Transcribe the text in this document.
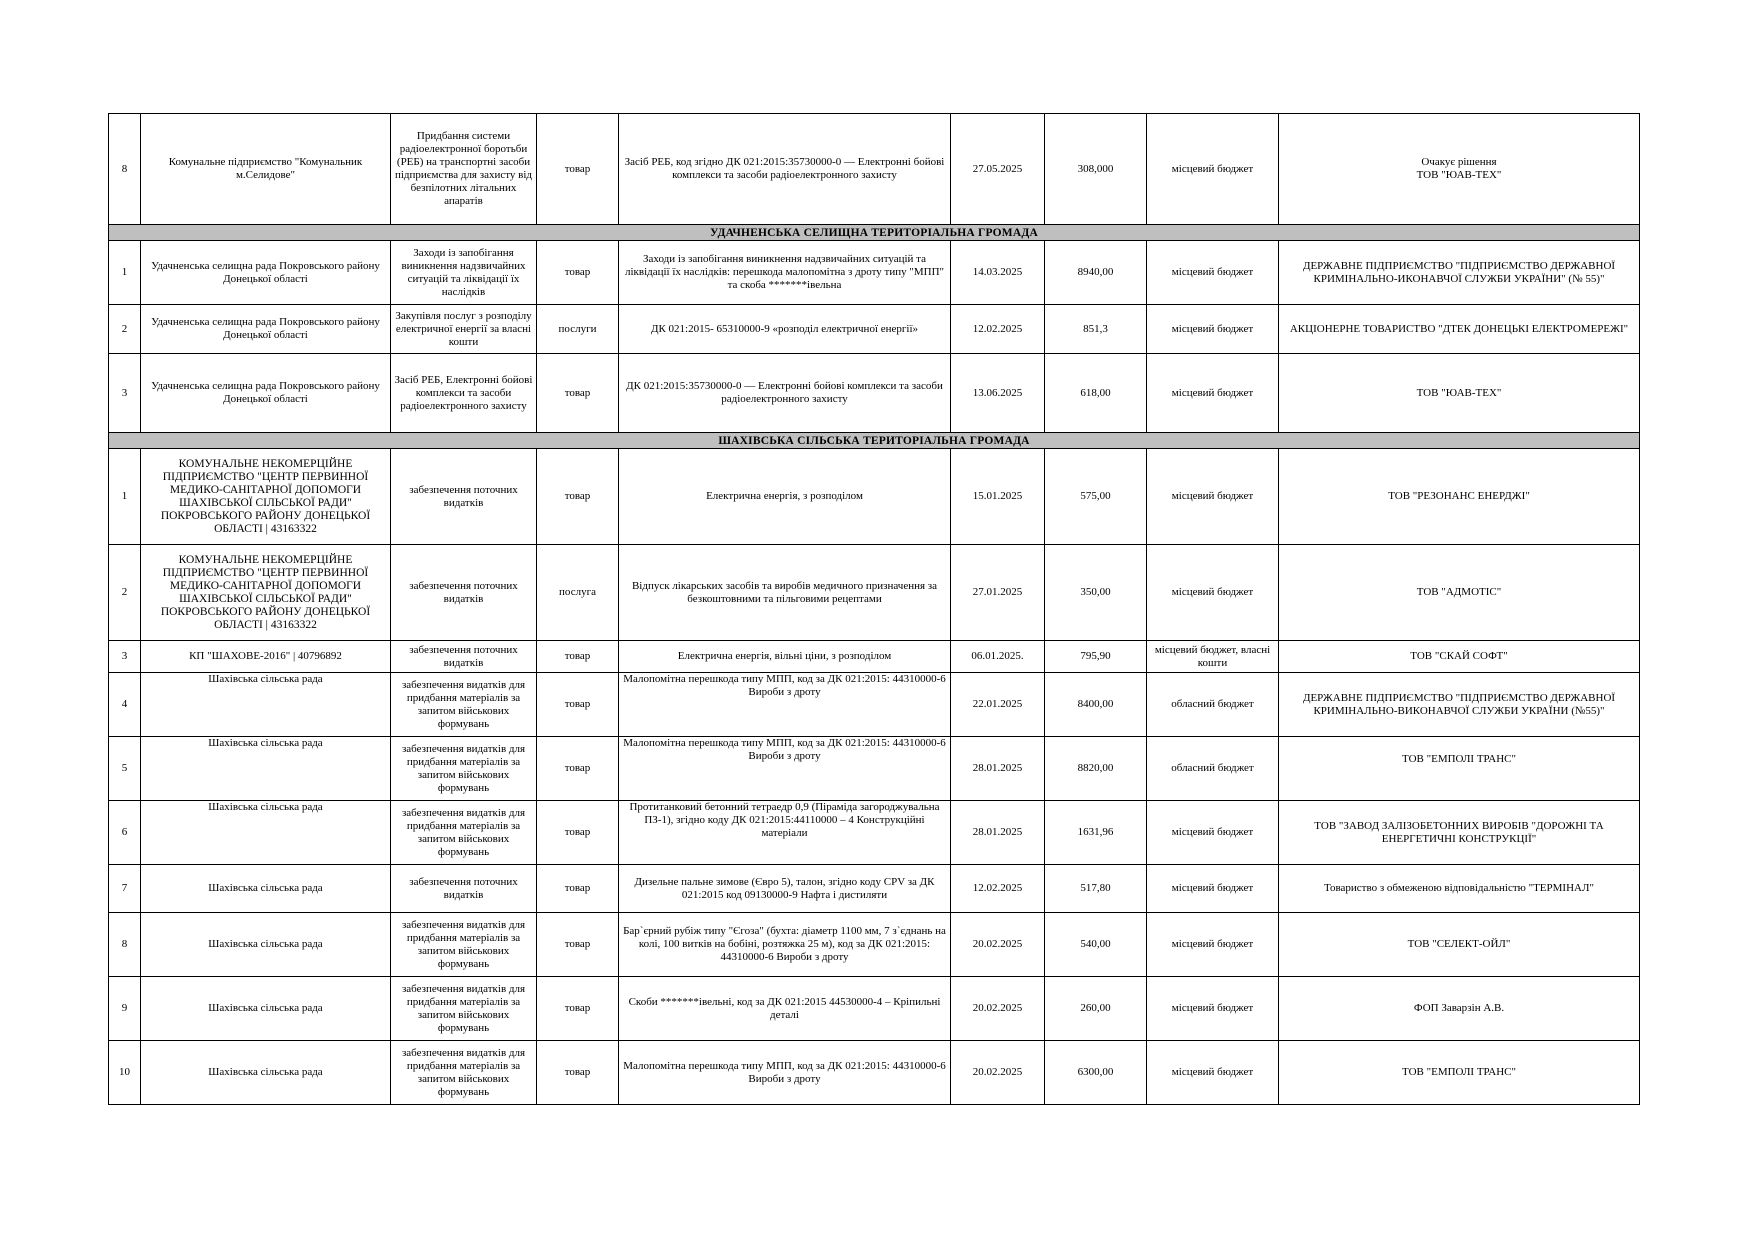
8	Комунальне підприємство "Комунальник м.Селидове"	Придбання системи радіоелектронної боротьби (РЕБ) на транспортні засоби підприємства для захисту від безпілотних літальних апаратів	товар	Засіб РЕБ, код згідно ДК 021:2015:35730000-0 — Електронні бойові комплекси та засоби радіоелектронного захисту	27.05.2025	308,000	місцевий бюджет	Очакує рішення
ТОВ "ЮАВ-ТЕХ"
УДАЧНЕНСЬКА СЕЛИЩНА ТЕРИТОРІАЛЬНА ГРОМАДА								
1	Удачненська селищна рада Покровського району Донецької області	Заходи із запобігання виникнення надзвичайних ситуацій та ліквідації їх наслідків	товар	Заходи із запобігання виникнення надзвичайних ситуацій та ліквідації їх наслідків: перешкода малопомітна з дроту типу "МПП" та скоба *******івельна	14.03.2025	8940,00	місцевий бюджет	ДЕРЖАВНЕ ПІДПРИЄМСТВО "ПІДПРИЄМСТВО ДЕРЖАВНОЇ КРИМІНАЛЬНО-ИКОНАВЧОЇ СЛУЖБИ УКРАЇНИ" (№ 55)"
2	Удачненська селищна рада Покровського району Донецької області	Закупівля послуг з розподілу електричної енергії за власні кошти	послуги	ДК 021:2015- 65310000-9 «розподіл електричної енергії»	12.02.2025	851,3	місцевий бюджет	АКЦІОНЕРНЕ ТОВАРИСТВО "ДТЕК ДОНЕЦЬКІ ЕЛЕКТРОМЕРЕЖІ"
3	Удачненська селищна рада Покровського району Донецької області	Засіб РЕБ, Електронні бойові комплекси та засоби радіоелектронного захисту	товар	ДК 021:2015:35730000-0 — Електронні бойові комплекси та засоби радіоелектронного захисту	13.06.2025	618,00	місцевий бюджет	ТОВ "ЮАВ-ТЕХ"
ШАХІВСЬКА СІЛЬСЬКА ТЕРИТОРІАЛЬНА ГРОМАДА								
1	КОМУНАЛЬНЕ НЕКОМЕРЦІЙНЕ ПІДПРИЄМСТВО "ЦЕНТР ПЕРВИННОЇ МЕДИКО-САНІТАРНОЇ ДОПОМОГИ ШАХІВСЬКОЇ СІЛЬСЬКОЇ РАДИ" ПОКРОВСЬКОГО РАЙОНУ ДОНЕЦЬКОЇ ОБЛАСТІ | 43163322	забезпечення поточних видатків	товар	Електрична енергія, з розподілом	15.01.2025	575,00	місцевий бюджет	ТОВ "РЕЗОНАНС ЕНЕРДЖІ"
2	КОМУНАЛЬНЕ НЕКОМЕРЦІЙНЕ ПІДПРИЄМСТВО "ЦЕНТР ПЕРВИННОЇ МЕДИКО-САНІТАРНОЇ ДОПОМОГИ ШАХІВСЬКОЇ СІЛЬСЬКОЇ РАДИ" ПОКРОВСЬКОГО РАЙОНУ ДОНЕЦЬКОЇ ОБЛАСТІ | 43163322	забезпечення поточних видатків	послуга	Відпуск лікарських засобів та виробів медичного призначення за безкоштовними та пільговими рецептами	27.01.2025	350,00	місцевий бюджет	ТОВ "АДМОТІС"
3	КП "ШАХОВЕ-2016" | 40796892	забезпечення поточних видатків	товар	Електрична енергія, вільні ціни, з розподілом	06.01.2025.	795,90	місцевий бюджет, власні кошти	ТОВ "СКАЙ СОФТ"
4	Шахівська сільська рада	забезпечення видатків для придбання матеріалів за запитом військових формувань	товар	Малопомітна перешкода типу МПП, код за ДК 021:2015: 44310000-6 Вироби з дроту	22.01.2025	8400,00	обласний бюджет	ДЕРЖАВНЕ ПІДПРИЄМСТВО "ПІДПРИЄМСТВО ДЕРЖАВНОЇ КРИМІНАЛЬНО-ВИКОНАВЧОЇ СЛУЖБИ УКРАЇНИ (№55)"
5	Шахівська сільська рада	забезпечення видатків для придбання матеріалів за запитом військових формувань	товар	Малопомітна перешкода типу МПП, код за ДК 021:2015: 44310000-6 Вироби з дроту	28.01.2025	8820,00	обласний бюджет	ТОВ "ЕМПОЛІ ТРАНС"
6	Шахівська сільська рада	забезпечення видатків для придбання матеріалів за запитом військових формувань	товар	Протитанковий бетонний тетраедр 0,9 (Піраміда загороджувальна ПЗ-1), згідно коду ДК 021:2015:44110000 – 4 Конструкційні матеріали	28.01.2025	1631,96	місцевий бюджет	ТОВ "ЗАВОД ЗАЛІЗОБЕТОННИХ ВИРОБІВ "ДОРОЖНІ ТА ЕНЕРГЕТИЧНІ КОНСТРУКЦІЇ"
7	Шахівська сільська рада	забезпечення поточних видатків	товар	Дизельне пальне зимове (Євро 5), талон, згідно коду CPV за ДК 021:2015 код 09130000-9 Нафта і дистиляти	12.02.2025	517,80	місцевий бюджет	Товариство з обмеженою відповідальністю "ТЕРМІНАЛ"
8	Шахівська сільська рада	забезпечення видатків для придбання матеріалів за запитом військових формувань	товар	Бар`єрний рубіж типу "Єгоза" (бухта: діаметр 1100 мм, 7 з`єднань на колі, 100 витків на бобіні, розтяжка 25 м), код за ДК 021:2015: 44310000-6 Вироби з дроту	20.02.2025	540,00	місцевий бюджет	ТОВ "СЕЛЕКТ-ОЙЛ"
9	Шахівська сільська рада	забезпечення видатків для придбання матеріалів за запитом військових формувань	товар	Скоби *******івельні, код за ДК 021:2015 44530000-4 – Кріпильні деталі	20.02.2025	260,00	місцевий бюджет	ФОП Заварзін А.В.
10	Шахівська сільська рада	забезпечення видатків для придбання матеріалів за запитом військових формувань	товар	Малопомітна перешкода типу МПП, код за ДК 021:2015: 44310000-6 Вироби з дроту	20.02.2025	6300,00	місцевий бюджет	ТОВ "ЕМПОЛІ ТРАНС"
